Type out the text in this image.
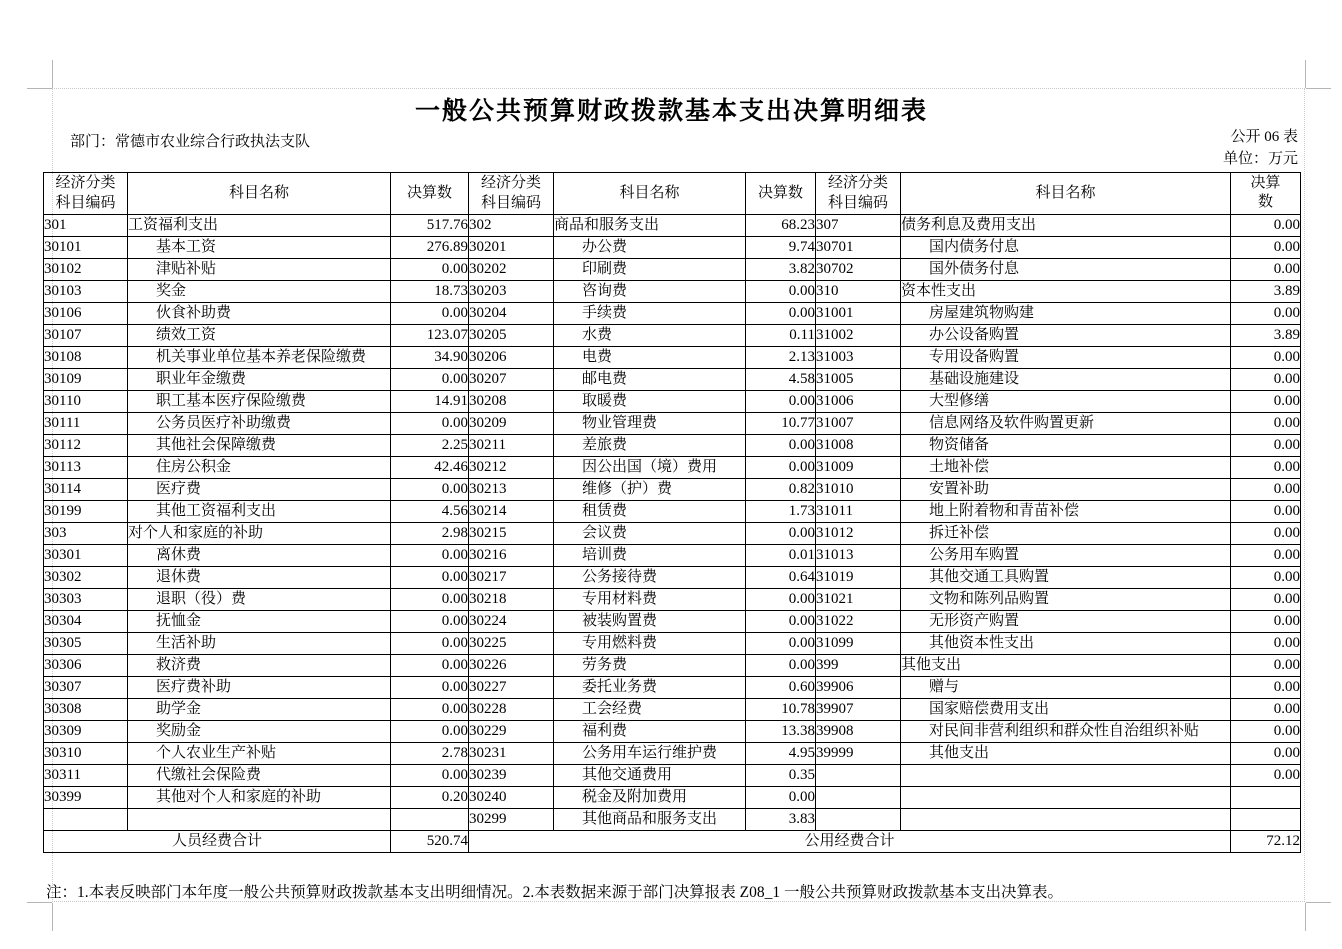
一般公共预算财政拨款基本支出决算明细表
部门：常德市农业综合行政执法支队	公开 06 表
单位：万元
经济分类科目编码	科目名称	决算数	经济分类科目编码	科目名称	决算数	经济分类科目编码	科目名称	决算数
301	工资福利支出	517.76	302	商品和服务支出	68.23	307	债务利息及费用支出	0.00
30101	基本工资	276.89	30201	办公费	9.74	30701	国内债务付息	0.00
30102	津贴补贴	0.00	30202	印刷费	3.82	30702	国外债务付息	0.00
30103	奖金	18.73	30203	咨询费	0.00	310	资本性支出	3.89
30106	伙食补助费	0.00	30204	手续费	0.00	31001	房屋建筑物购建	0.00
30107	绩效工资	123.07	30205	水费	0.11	31002	办公设备购置	3.89
30108	机关事业单位基本养老保险缴费	34.90	30206	电费	2.13	31003	专用设备购置	0.00
30109	职业年金缴费	0.00	30207	邮电费	4.58	31005	基础设施建设	0.00
30110	职工基本医疗保险缴费	14.91	30208	取暖费	0.00	31006	大型修缮	0.00
30111	公务员医疗补助缴费	0.00	30209	物业管理费	10.77	31007	信息网络及软件购置更新	0.00
30112	其他社会保障缴费	2.25	30211	差旅费	0.00	31008	物资储备	0.00
30113	住房公积金	42.46	30212	因公出国（境）费用	0.00	31009	土地补偿	0.00
30114	医疗费	0.00	30213	维修（护）费	0.82	31010	安置补助	0.00
30199	其他工资福利支出	4.56	30214	租赁费	1.73	31011	地上附着物和青苗补偿	0.00
303	对个人和家庭的补助	2.98	30215	会议费	0.00	31012	拆迁补偿	0.00
30301	离休费	0.00	30216	培训费	0.01	31013	公务用车购置	0.00
30302	退休费	0.00	30217	公务接待费	0.64	31019	其他交通工具购置	0.00
30303	退职（役）费	0.00	30218	专用材料费	0.00	31021	文物和陈列品购置	0.00
30304	抚恤金	0.00	30224	被装购置费	0.00	31022	无形资产购置	0.00
30305	生活补助	0.00	30225	专用燃料费	0.00	31099	其他资本性支出	0.00
30306	救济费	0.00	30226	劳务费	0.00	399	其他支出	0.00
30307	医疗费补助	0.00	30227	委托业务费	0.60	39906	赠与	0.00
30308	助学金	0.00	30228	工会经费	10.78	39907	国家赔偿费用支出	0.00
30309	奖励金	0.00	30229	福利费	13.38	39908	对民间非营利组织和群众性自治组织补贴	0.00
30310	个人农业生产补贴	2.78	30231	公务用车运行维护费	4.95	39999	其他支出	0.00
30311	代缴社会保险费	0.00	30239	其他交通费用	0.35			0.00
30399	其他对个人和家庭的补助	0.20	30240	税金及附加费用	0.00			
			30299	其他商品和服务支出	3.83			
人员经费合计		520.74	公用经费合计					72.12
注：1.本表反映部门本年度一般公共预算财政拨款基本支出明细情况。2.本表数据来源于部门决算报表 Z08_1 一般公共预算财政拨款基本支出决算表。
